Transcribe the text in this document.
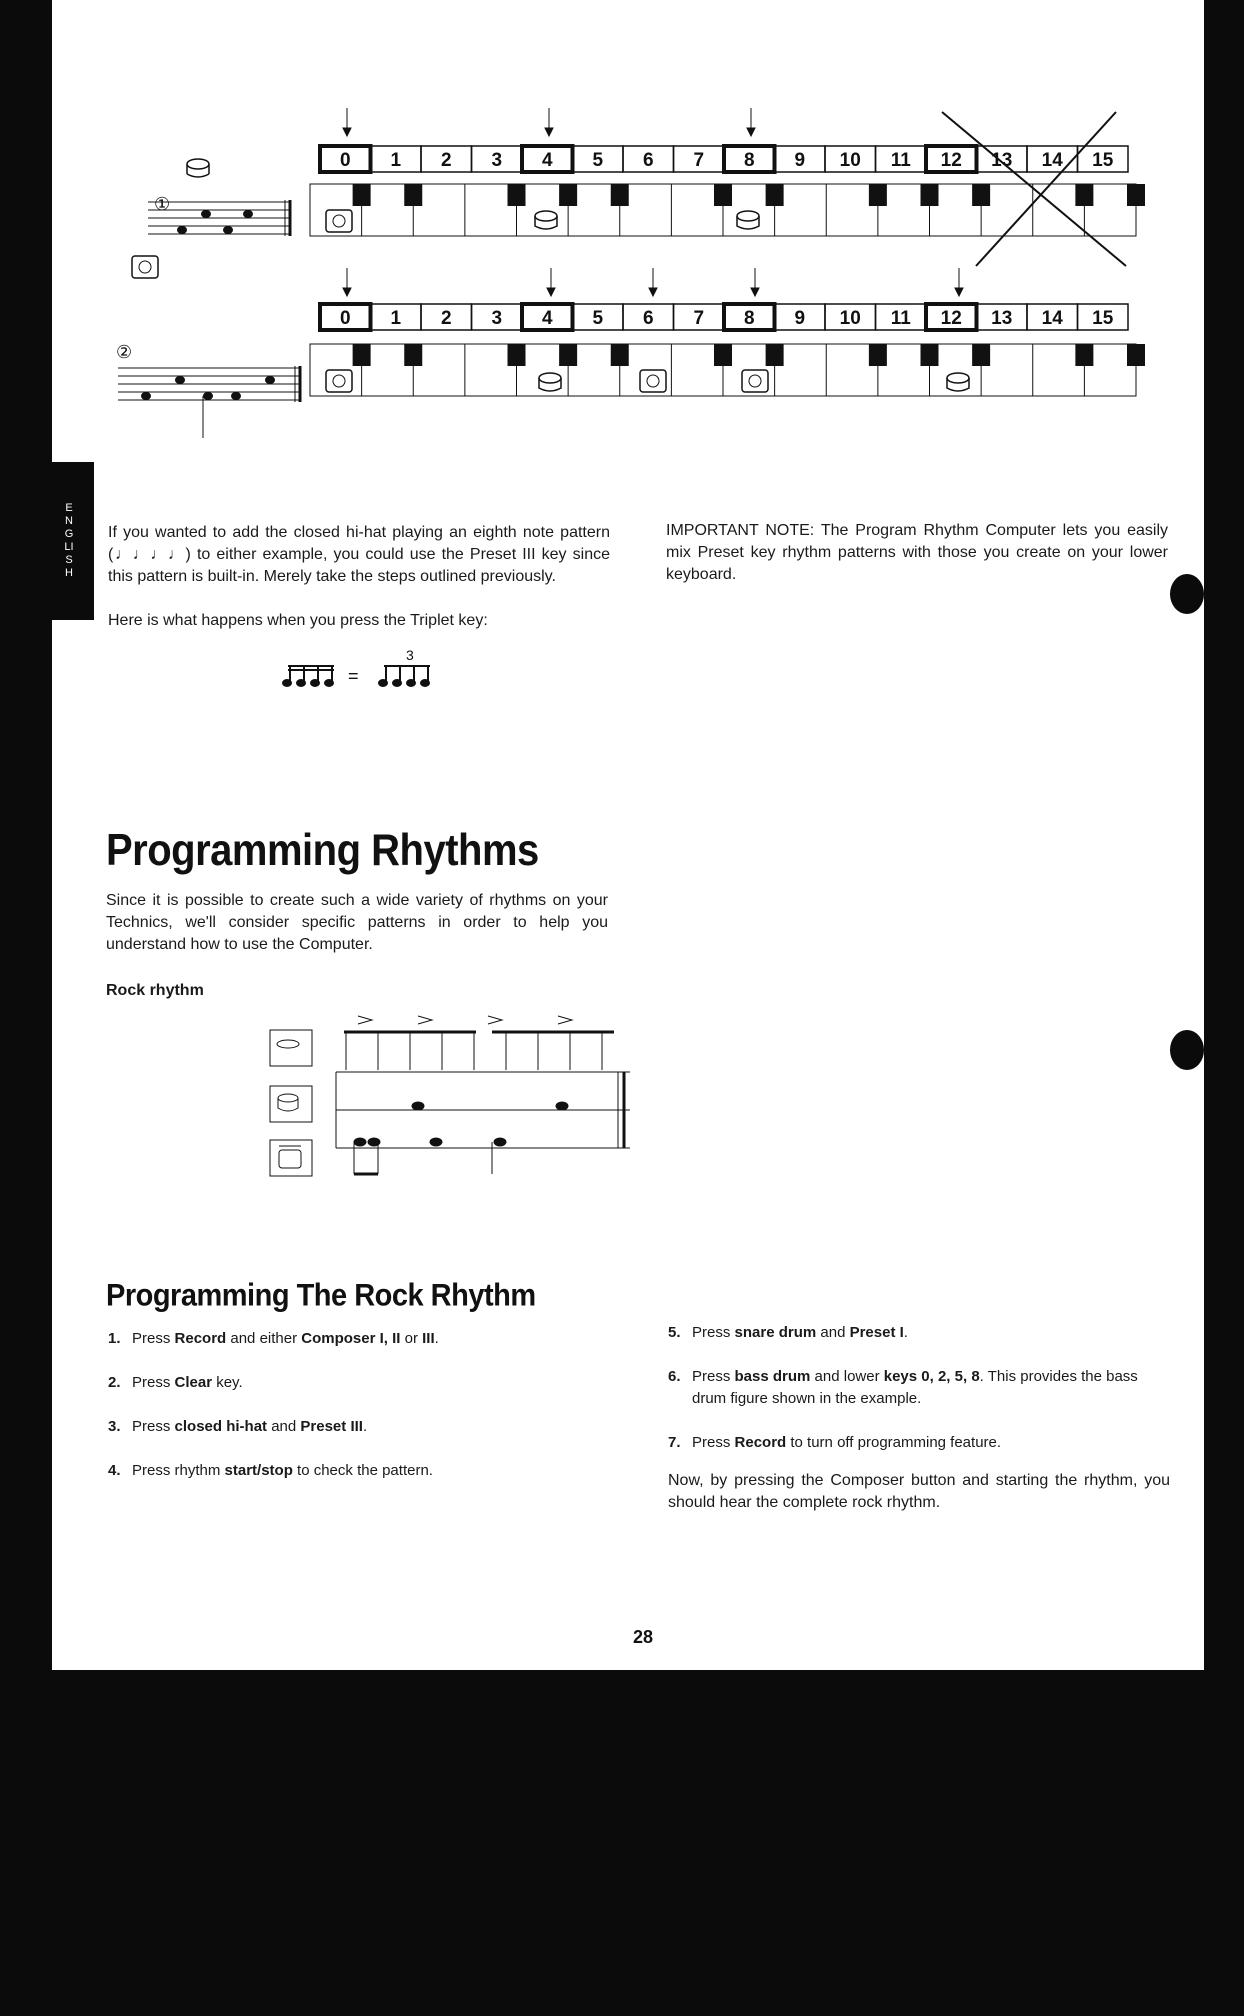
ENGLISH
①
0 1 2 3 4 5 6 7 8 9 10 11 12 13 14 15
②
0 1 2 3 4 5 6 7 8 9 10 11 12 13 14 15
If you wanted to add the closed hi-hat playing an eighth note pattern (♩♩♩♩) to either example, you could use the Preset III key since this pattern is built-in. Merely take the steps outlined previously.
Here is what happens when you press the Triplet key:
3
=
IMPORTANT NOTE: The Program Rhythm Computer lets you easily mix Preset key rhythm patterns with those you create on your lower keyboard.
Programming Rhythms
Since it is possible to create such a wide variety of rhythms on your Technics, we'll consider specific patterns in order to help you understand how to use the Computer.
Rock rhythm
Programming The Rock Rhythm
1. Press Record and either Composer I, II or III.
2. Press Clear key.
3. Press closed hi-hat and Preset III.
4. Press rhythm start/stop to check the pattern.
5. Press snare drum and Preset I.
6. Press bass drum and lower keys 0, 2, 5, 8. This provides the bass drum figure shown in the example.
7. Press Record to turn off programming feature.
Now, by pressing the Composer button and starting the rhythm, you should hear the complete rock rhythm.
28
